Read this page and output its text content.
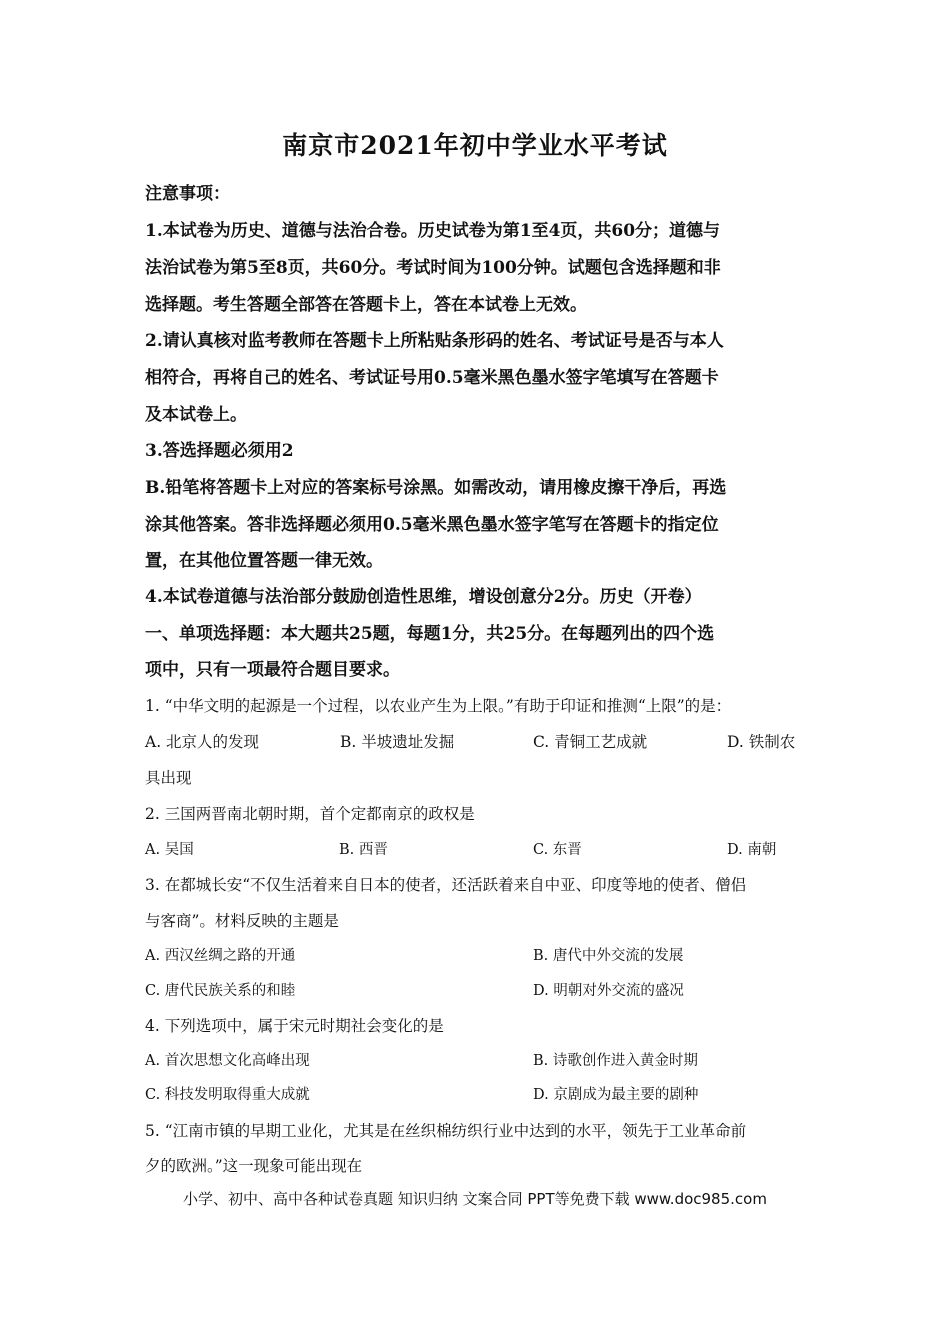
南京市2021年初中学业水平考试
注意事项：
1.本试卷为历史、道德与法治合卷。历史试卷为第1至4页，共60分；道德与
法治试卷为第5至8页，共60分。考试时间为100分钟。试题包含选择题和非
选择题。考生答题全部答在答题卡上，答在本试卷上无效。
2.请认真核对监考教师在答题卡上所粘贴条形码的姓名、考试证号是否与本人
相符合，再将自己的姓名、考试证号用0.5毫米黑色墨水签字笔填写在答题卡
及本试卷上。
3.答选择题必须用2
B.铅笔将答题卡上对应的答案标号涂黑。如需改动，请用橡皮擦干净后，再选
涂其他答案。答非选择题必须用0.5毫米黑色墨水签字笔写在答题卡的指定位
置，在其他位置答题一律无效。
4.本试卷道德与法治部分鼓励创造性思维，增设创意分2分。历史（开卷）
一、单项选择题：本大题共25题，每题1分，共25分。在每题列出的四个选
项中，只有一项最符合题目要求。
1. “中华文明的起源是一个过程，以农业产生为上限。”有助于印证和推测“上限”的是：
A. 北京人的发现	B. 半坡遗址发掘	C. 青铜工艺成就	D. 铁制农
具出现
2. 三国两晋南北朝时期，首个定都南京的政权是
A. 吴国	B. 西晋	C. 东晋	D. 南朝
3. 在都城长安“不仅生活着来自日本的使者，还活跃着来自中亚、印度等地的使者、僧侣
与客商”。材料反映的主题是
A. 西汉丝绸之路的开通	B. 唐代中外交流的发展
C. 唐代民族关系的和睦	D. 明朝对外交流的盛况
4. 下列选项中，属于宋元时期社会变化的是
A. 首次思想文化高峰出现	B. 诗歌创作进入黄金时期
C. 科技发明取得重大成就	D. 京剧成为最主要的剧种
5. “江南市镇的早期工业化，尤其是在丝织棉纺织行业中达到的水平，领先于工业革命前
夕的欧洲。”这一现象可能出现在
小学、初中、高中各种试卷真题 知识归纳 文案合同 PPT等免费下载 www.doc985.com
